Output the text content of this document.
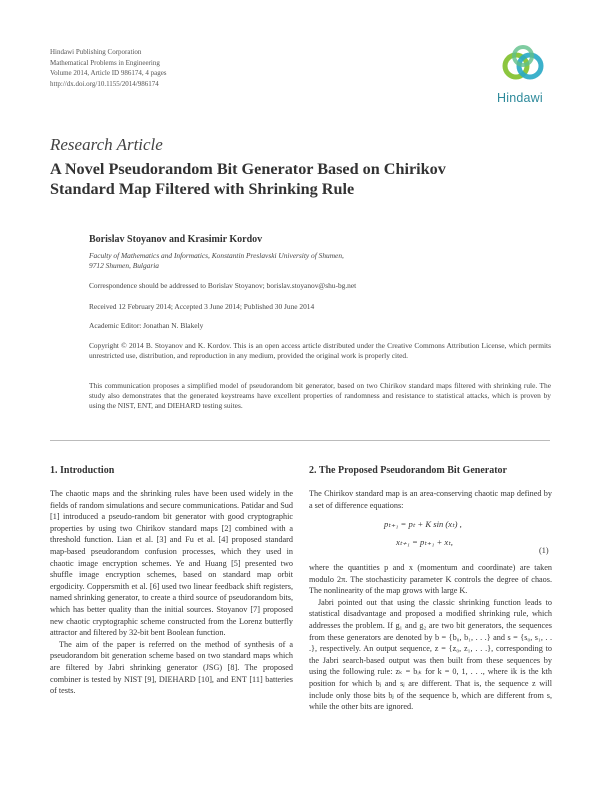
Hindawi Publishing Corporation
Mathematical Problems in Engineering
Volume 2014, Article ID 986174, 4 pages
http://dx.doi.org/10.1155/2014/986174
Hindawi
Research Article
A Novel Pseudorandom Bit Generator Based on Chirikov
Standard Map Filtered with Shrinking Rule
Borislav Stoyanov and Krasimir Kordov
Faculty of Mathematics and Informatics, Konstantin Preslavski University of Shumen,
9712 Shumen, Bulgaria
Correspondence should be addressed to Borislav Stoyanov; borislav.stoyanov@shu-bg.net
Received 12 February 2014; Accepted 3 June 2014; Published 30 June 2014
Academic Editor: Jonathan N. Blakely
Copyright © 2014 B. Stoyanov and K. Kordov. This is an open access article distributed under the Creative Commons Attribution License, which permits unrestricted use, distribution, and reproduction in any medium, provided the original work is properly cited.
This communication proposes a simplified model of pseudorandom bit generator, based on two Chirikov standard maps filtered with shrinking rule. The study also demonstrates that the generated keystreams have excellent properties of randomness and resistance to statistical attacks, which is proven by using the NIST, ENT, and DIEHARD testing suites.
1. Introduction

The chaotic maps and the shrinking rules have been used widely in the fields of random simulations and secure communications. Patidar and Sud [1] introduced a pseudo-random bit generator with good cryptographic properties by using two Chirikov standard maps [2] combined with a threshold function. Lian et al. [3] and Fu et al. [4] proposed standard map-based pseudorandom confusion processes, which they used in chaotic image encryption schemes. Ye and Huang [5] presented two shuffle image encryption schemes, based on standard map orbit ergodicity. Coppersmith et al. [6] used two linear feedback shift registers, named shrinking generator, to create a third source of pseudorandom bits, which has better quality than the initial sources. Stoyanov [7] proposed new chaotic cryptographic scheme constructed from the Lorenz butterfly attractor and filtered by 32-bit bent Boolean function.

The aim of the paper is referred on the method of synthesis of a pseudorandom bit generation scheme based on two standard maps which are filtered by Jabri shrinking generator (JSG) [8]. The proposed combiner is tested by NIST [9], DIEHARD [10], and ENT [11] batteries of tests.

2. The Proposed Pseudorandom Bit Generator

The Chirikov standard map is an area-conserving chaotic map defined by a set of difference equations:

pₜ₊₁ = pₜ + K sin (xₜ) ,
xₜ₊₁ = pₜ₊₁ + xₜ,
(1)

where the quantities p and x (momentum and coordinate) are taken modulo 2π. The stochasticity parameter K controls the degree of chaos. The nonlinearity of the map grows with large K.

Jabri pointed out that using the classic shrinking function leads to statistical disadvantage and proposed a modified shrinking rule, which addresses the problem. If g₁ and g₂ are two bit generators, the sequences from these generators are denoted by b = {b₀, b₁, . . .} and s = {s₀, s₁, . . .}, respectively. An output sequence, z = {z₀, z₁, . . .}, corresponding to the Jabri search-based output was then built from these sequences by using the following rule: zₖ = bᵢₖ for k = 0, 1, . . ., where ik is the kth position for which bⱼ and sⱼ are different. That is, the sequence z will include only those bits bⱼ of the sequence b, which are different from s, while the other bits are ignored.
